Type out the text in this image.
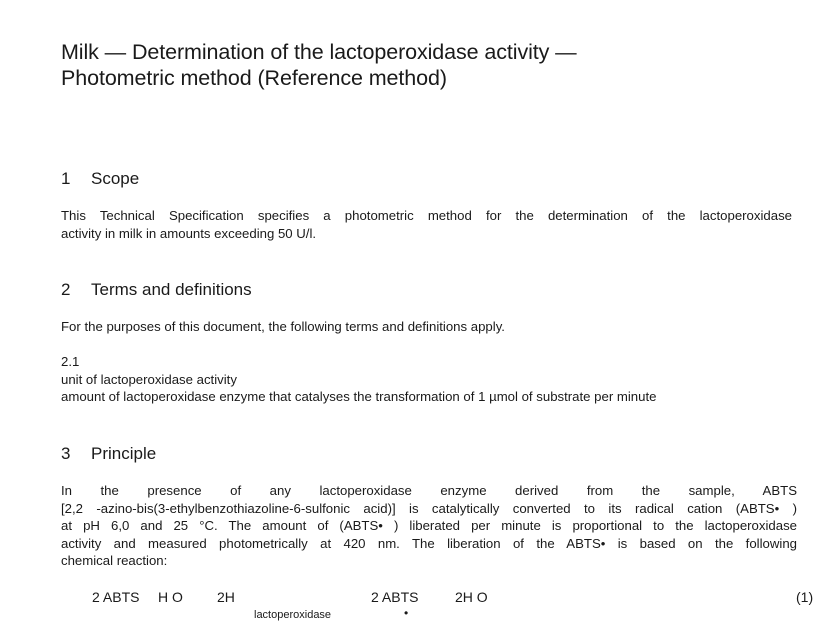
Milk — Determination of the lactoperoxidase activity —
Photometric method (Reference method)
1 Scope
This Technical Specification specifies a photometric method for the determination of the lactoperoxidase
activity in milk in amounts exceeding 50 U/l.
2 Terms and definitions
For the purposes of this document, the following terms and definitions apply.
2.1
unit of lactoperoxidase activity
amount of lactoperoxidase enzyme that catalyses the transformation of 1 µmol of substrate per minute
3 Principle
In the presence of any lactoperoxidase enzyme derived from the sample, ABTS
[2,2 -azino-bis(3-ethylbenzothiazoline-6-sulfonic acid)] is catalytically converted to its radical cation (ABTS• )
at pH 6,0 and 25 °C. The amount of (ABTS• ) liberated per minute is proportional to the lactoperoxidase
activity and measured photometrically at 420 nm. The liberation of the ABTS• is based on the following
chemical reaction:
2 ABTS H O 2H
lactoperoxidase
2 ABTS
•
2H O	(1)
